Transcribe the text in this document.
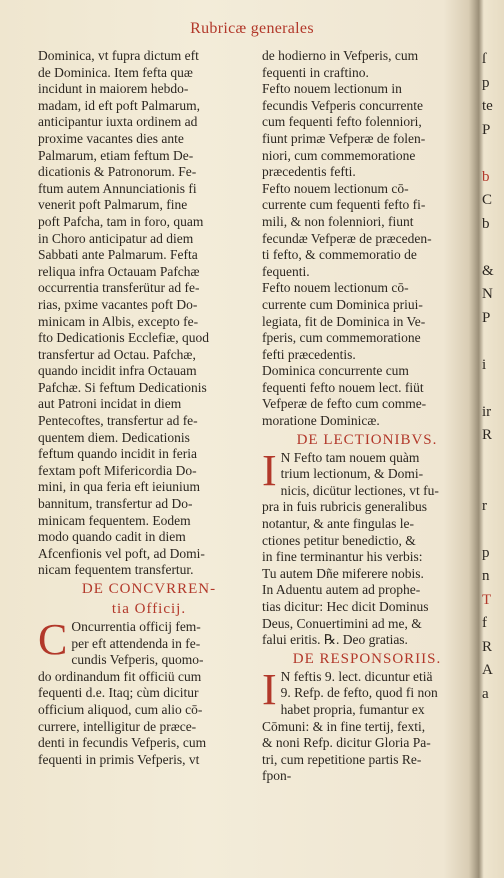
Rubricæ generales
Dominica, vt fupra dictum eft
de Dominica. Item fefta quæ
incidunt in maiorem hebdo-
madam, id eft poft Palmarum,
anticipantur iuxta ordinem ad
proxime vacantes dies ante
Palmarum, etiam feftum De-
dicationis & Patronorum. Fe-
ftum autem Annunciationis fi
venerit poft Palmarum, fine
poft Pafcha, tam in foro, quam
in Choro anticipatur ad diem
Sabbati ante Palmarum. Fefta
reliqua infra Octauam Pafchæ
occurrentia transferütur ad fe-
rias, pxime vacantes poft Do-
minicam in Albis, excepto fe-
fto Dedicationis Ecclefiæ, quod
transfertur ad Octau. Pafchæ,
quando incidit infra Octauam
Pafchæ. Si feftum Dedicationis
aut Patroni incidat in diem
Pentecoftes, transfertur ad fe-
quentem diem. Dedicationis
feftum quando incidit in feria
fextam poft Mifericordia Do-
mini, in qua feria eft ieiunium
bannitum, transfertur ad Do-
minicam fequentem. Eodem
modo quando cadit in diem
Afcenfionis vel poft, ad Domi-
nicam fequentem transfertur.
DE CONCVRREN-
tia Officij.
C Oncurrentia officij fem-
per eft attendenda in fe-
cundis Vefperis, quomo-
do ordinandum fit officiü cum
fequenti d.e. Itaq; cùm dicitur
officium aliquod, cum alio cō-
currere, intelligitur de præce-
denti in fecundis Vefperis, cum
fequenti in primis Vefperis, vt
de hodierno in Vefperis, cum
fequenti in craftino.
Fefto nouem lectionum in
fecundis Vefperis concurrente
cum fequenti fefto folenniori,
fiunt primæ Vefperæ de folen-
niori, cum commemoratione
præcedentis fefti.
Fefto nouem lectionum cō-
currente cum fequenti fefto fi-
mili, & non folenniori, fiunt
fecundæ Vefperæ de præceden-
ti fefto, & commemoratio de
fequenti.
Fefto nouem lectionum cō-
currente cum Dominica priui-
legiata, fit de Dominica in Ve-
fperis, cum commemoratione
fefti præcedentis.
Dominica concurrente cum
fequenti fefto nouem lect. fiüt
Vefperæ de fefto cum comme-
moratione Dominicæ.
DE LECTIONIBVS.
I N Fefto tam nouem quàm
trium lectionum, & Domi-
nicis, dicütur lectiones, vt fu-
pra in fuis rubricis generalibus
notantur, & ante fingulas le-
ctiones petitur benedictio, &
in fine terminantur his verbis:
Tu autem Dñe miferere nobis.
In Aduentu autem ad prophe-
tias dicitur: Hec dicit Dominus
Deus, Conuertimini ad me, &
falui eritis. ℞. Deo gratias.
DE RESPONSORIIS.
I N feftis 9. lect. dicuntur etiä
9. Refp. de fefto, quod fi non
habet propria, fumantur ex
Cōmuni: & in fine tertij, fexti,
& noni Refp. dicitur Gloria Pa-
tri, cum repetitione partis Re-
fpon-
ſ
p
te
P
b
C
b
&
N
P
i
ir
R
r
p
n
T
f
R
A
a
